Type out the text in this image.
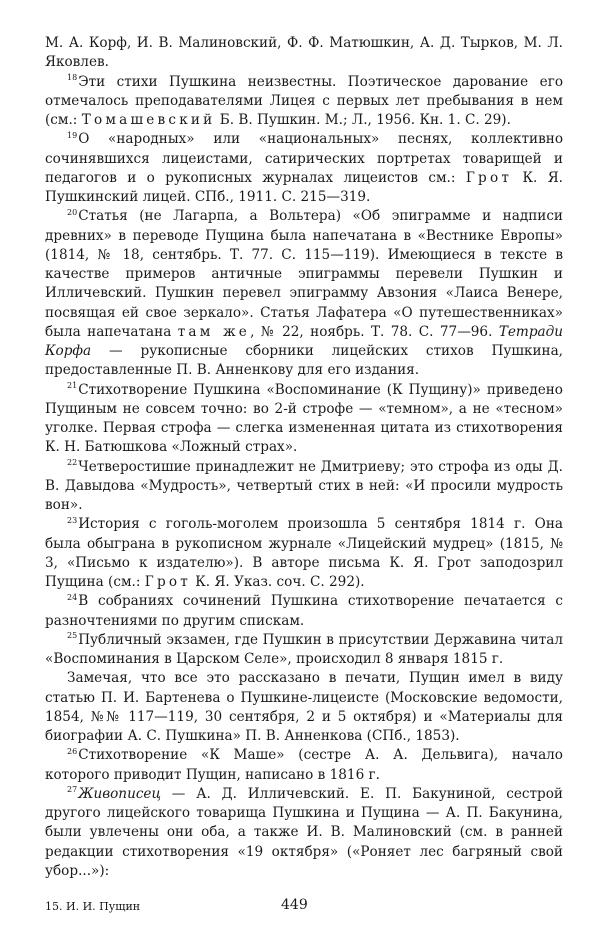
М. А. Корф, И. В. Малиновский, Ф. Ф. Матюшкин, А. Д. Тырков, М. Л. Яковлев.

$^{18}$Эти стихи Пушкина неизвестны. Поэтическое дарование его отмечалось преподавателями Лицея с первых лет пребывания в нем (см.: Томашевский Б. В. Пушкин. М.; Л., 1956. Кн. 1. С. 29).

$^{19}$О «народных» или «национальных» песнях, коллективно сочинявшихся лицеистами, сатирических портретах товарищей и педагогов и о рукописных журналах лицеистов см.: Грот К. Я. Пушкинский лицей. СПб., 1911. С. 215—319.

$^{20}$Статья (не Лагарпа, а Вольтера) «Об эпиграмме и надписи древних» в переводе Пущина была напечатана в «Вестнике Европы» (1814, № 18, сентябрь. Т. 77. С. 115—119). Имеющиеся в тексте в качестве примеров античные эпиграммы перевели Пушкин и Илличевский. Пушкин перевел эпиграмму Авзония «Лаиса Венере, посвящая ей свое зеркало». Статья Лафатера «О путешественниках» была напечатана там же, № 22, ноябрь. Т. 78. С. 77—96. Тетради Корфа — рукописные сборники лицейских стихов Пушкина, предоставленные П. В. Анненкову для его издания.

$^{21}$Стихотворение Пушкина «Воспоминание (К Пущину)» приведено Пущиным не совсем точно: во 2-й строфе — «темном», а не «тесном» уголке. Первая строфа — слегка измененная цитата из стихотворения К. Н. Батюшкова «Ложный страх».

$^{22}$Четверостишие принадлежит не Дмитриеву; это строфа из оды Д. В. Давыдова «Мудрость», четвертый стих в ней: «И просили мудрость вон».

$^{23}$История с гоголь-моголем произошла 5 сентября 1814 г. Она была обыграна в рукописном журнале «Лицейский мудрец» (1815, № 3, «Письмо к издателю»). В авторе письма К. Я. Грот заподозрил Пущина (см.: Грот К. Я. Указ. соч. С. 292).

$^{24}$В собраниях сочинений Пушкина стихотворение печатается с разночтениями по другим спискам.

$^{25}$Публичный экзамен, где Пушкин в присутствии Державина читал «Воспоминания в Царском Селе», происходил 8 января 1815 г.

Замечая, что все это рассказано в печати, Пущин имел в виду статью П. И. Бартенева о Пушкине-лицеисте (Московские ведомости, 1854, №№ 117—119, 30 сентября, 2 и 5 октября) и «Материалы для биографии А. С. Пушкина» П. В. Анненкова (СПб., 1853).

$^{26}$Стихотворение «К Маше» (сестре А. А. Дельвига), начало которого приводит Пущин, написано в 1816 г.

$^{27}$Живописец — А. Д. Илличевский. Е. П. Бакуниной, сестрой другого лицейского товарища Пушкина и Пущина — А. П. Бакунина, были увлечены они оба, а также И. В. Малиновский (см. в ранней редакции стихотворения «19 октября» («Роняет лес багряный свой убор...»):

15. И. И. Пущин	449
